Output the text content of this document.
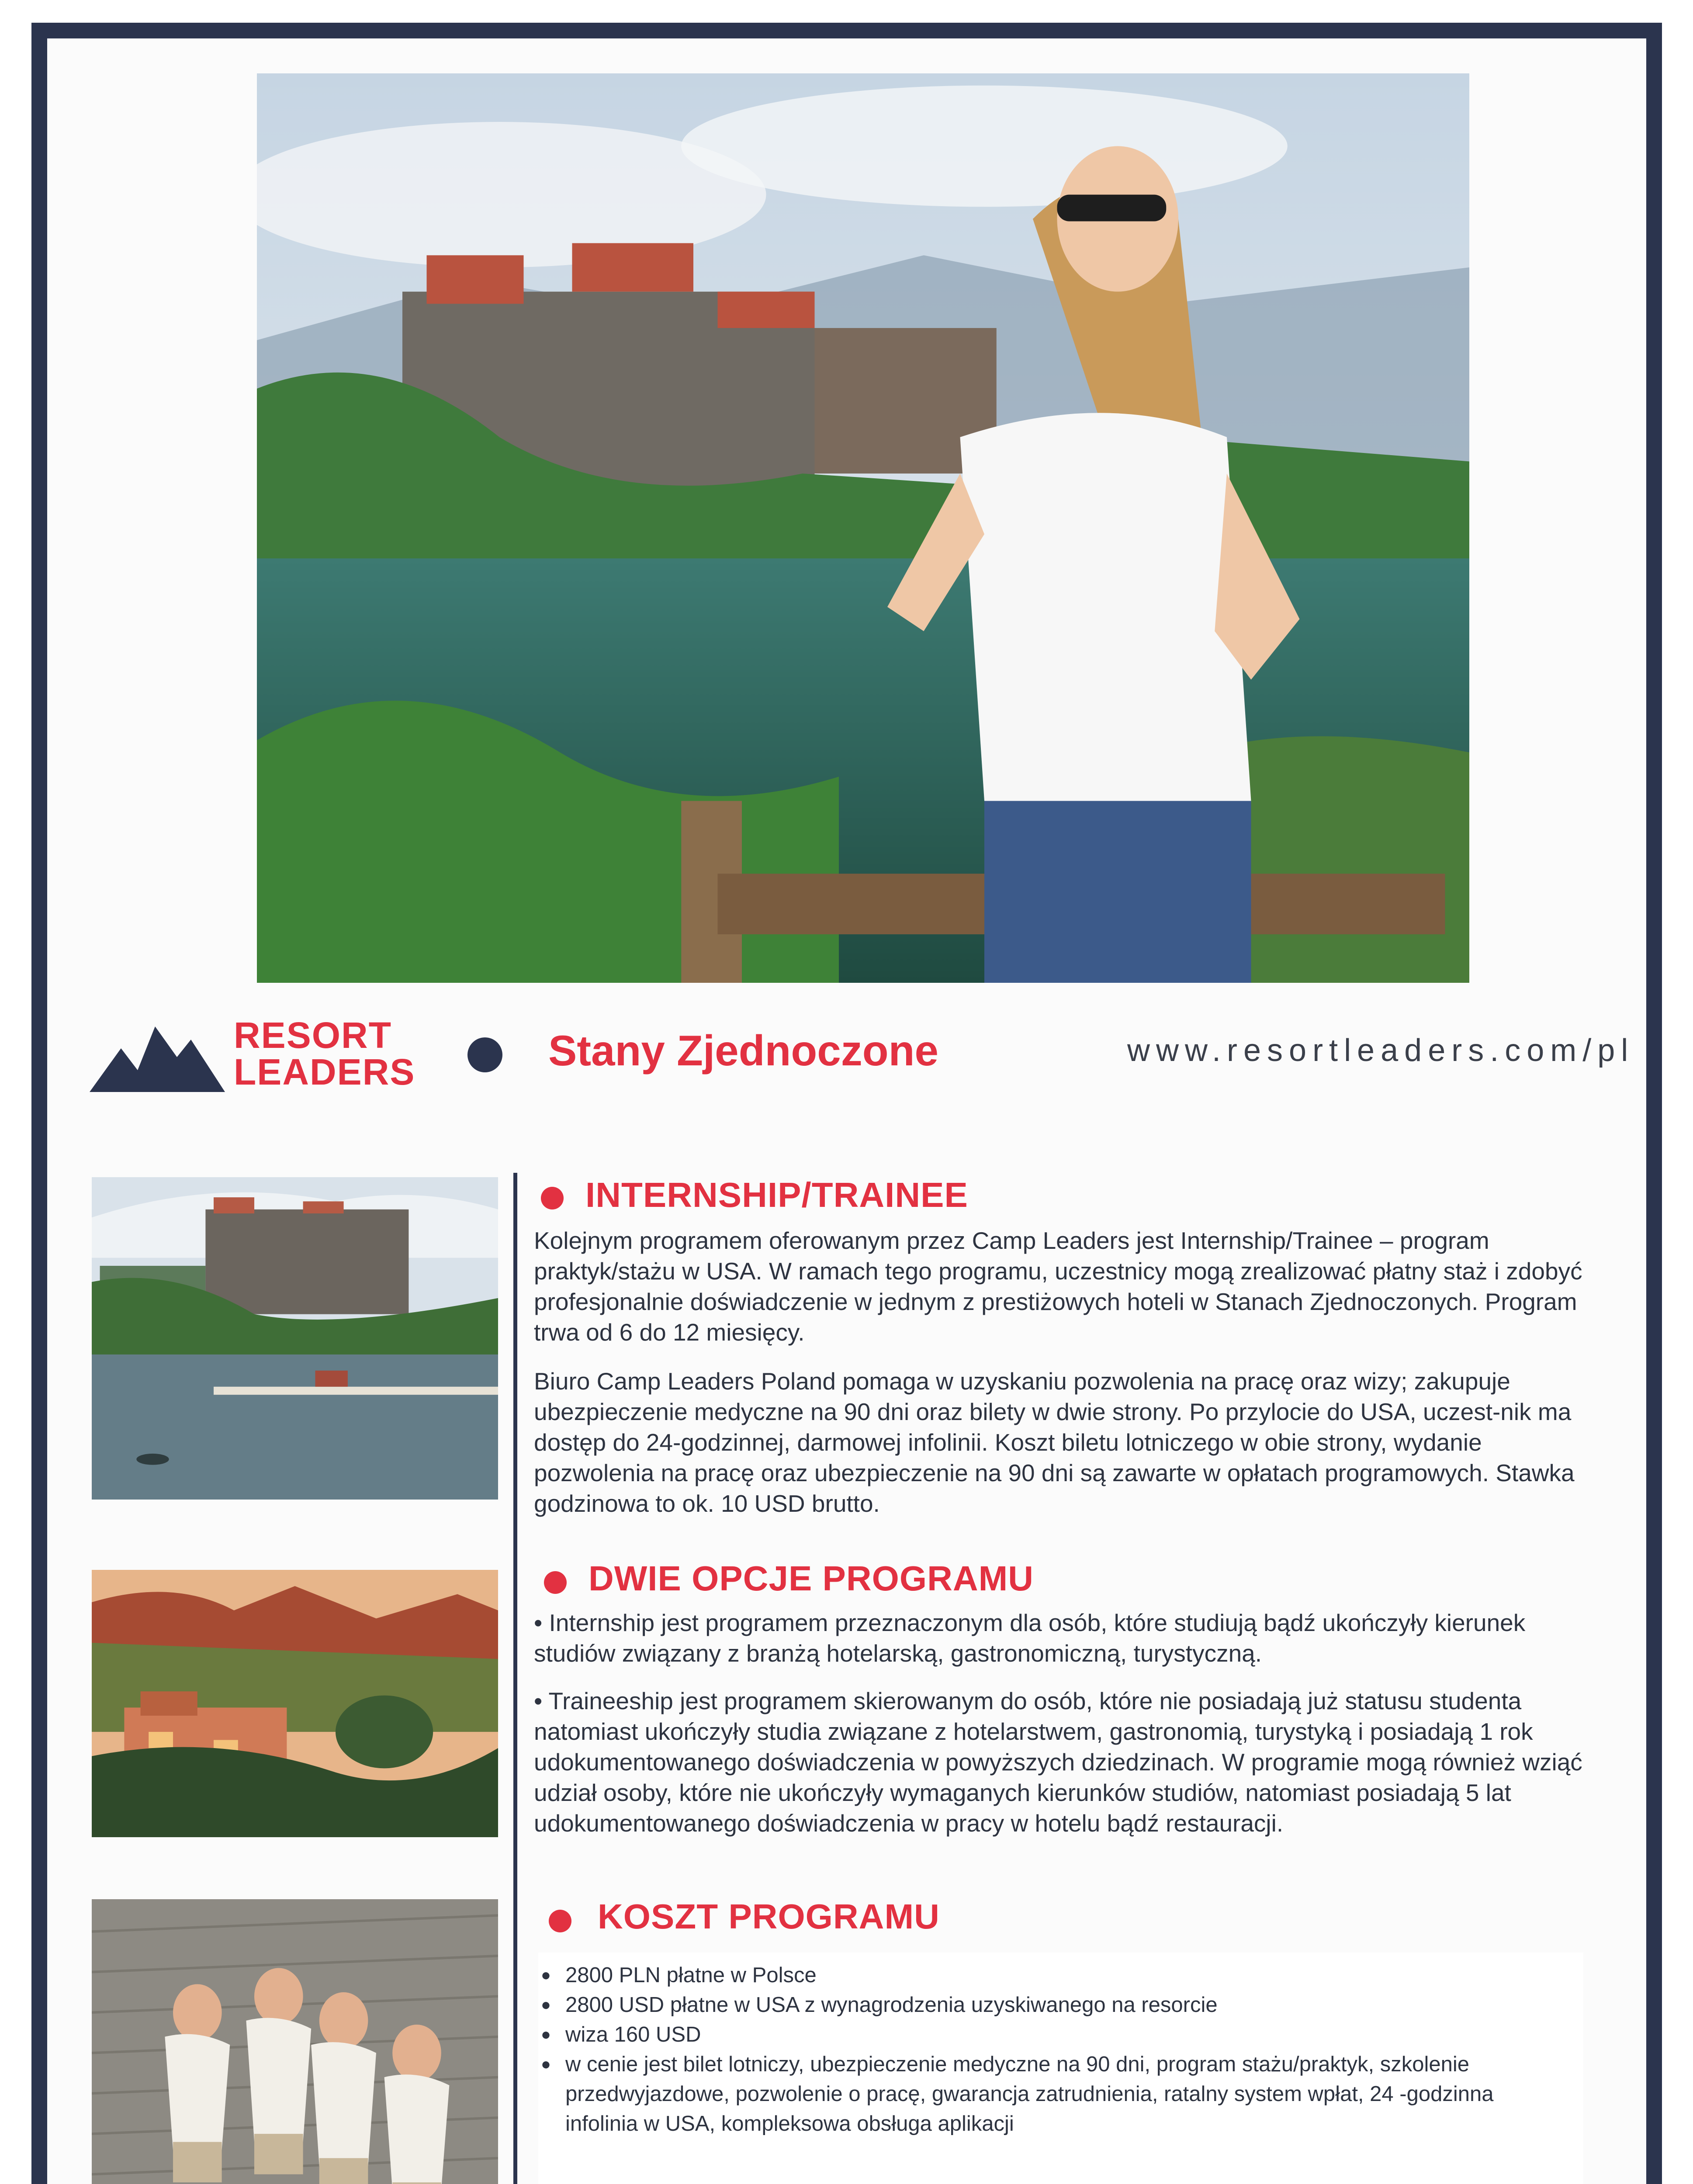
RESORT
LEADERS	Stany Zjednoczone	www.resortleaders.com/pl
INTERNSHIP/TRAINEE

Kolejnym programem oferowanym przez Camp Leaders jest Internship/Trainee – program praktyk/stażu w USA. W ramach tego programu, uczestnicy mogą zrealizować płatny staż i zdobyć profesjonalnie doświadczenie w jednym z prestiżowych hoteli w Stanach Zjednoczonych. Program trwa od 6 do 12 miesięcy.

Biuro Camp Leaders Poland pomaga w uzyskaniu pozwolenia na pracę oraz wizy; zakupuje ubezpieczenie medyczne na 90 dni oraz bilety w dwie strony. Po przylocie do USA, uczest-nik ma dostęp do 24-godzinnej, darmowej infolinii. Koszt biletu lotniczego w obie strony, wydanie pozwolenia na pracę oraz ubezpieczenie na 90 dni są zawarte w opłatach programowych. Stawka godzinowa to ok. 10 USD brutto.

DWIE OPCJE PROGRAMU

• Internship jest programem przeznaczonym dla osób, które studiują bądź ukończyły kierunek studiów związany z branżą hotelarską, gastronomiczną, turystyczną.

• Traineeship jest programem skierowanym do osób, które nie posiadają już statusu studenta natomiast ukończyły studia związane z hotelarstwem, gastronomią, turystyką i posiadają 1 rok udokumentowanego doświadczenia w powyższych dziedzinach. W programie mogą również wziąć udział osoby, które nie ukończyły wymaganych kierunków studiów, natomiast posiadają 5 lat udokumentowanego doświadczenia w pracy w hotelu bądź restauracji.

KOSZT PROGRAMU
● 2800 PLN płatne w Polsce
● 2800 USD płatne w USA z wynagrodzenia uzyskiwanego na resorcie
● wiza 160 USD
● w cenie jest bilet lotniczy, ubezpieczenie medyczne na 90 dni, program stażu/praktyk, szkolenie przedwyjazdowe, pozwolenie o pracę, gwarancja zatrudnienia, ratalny system wpłat, 24 -godzinna infolinia w USA, kompleksowa obsługa aplikacji
